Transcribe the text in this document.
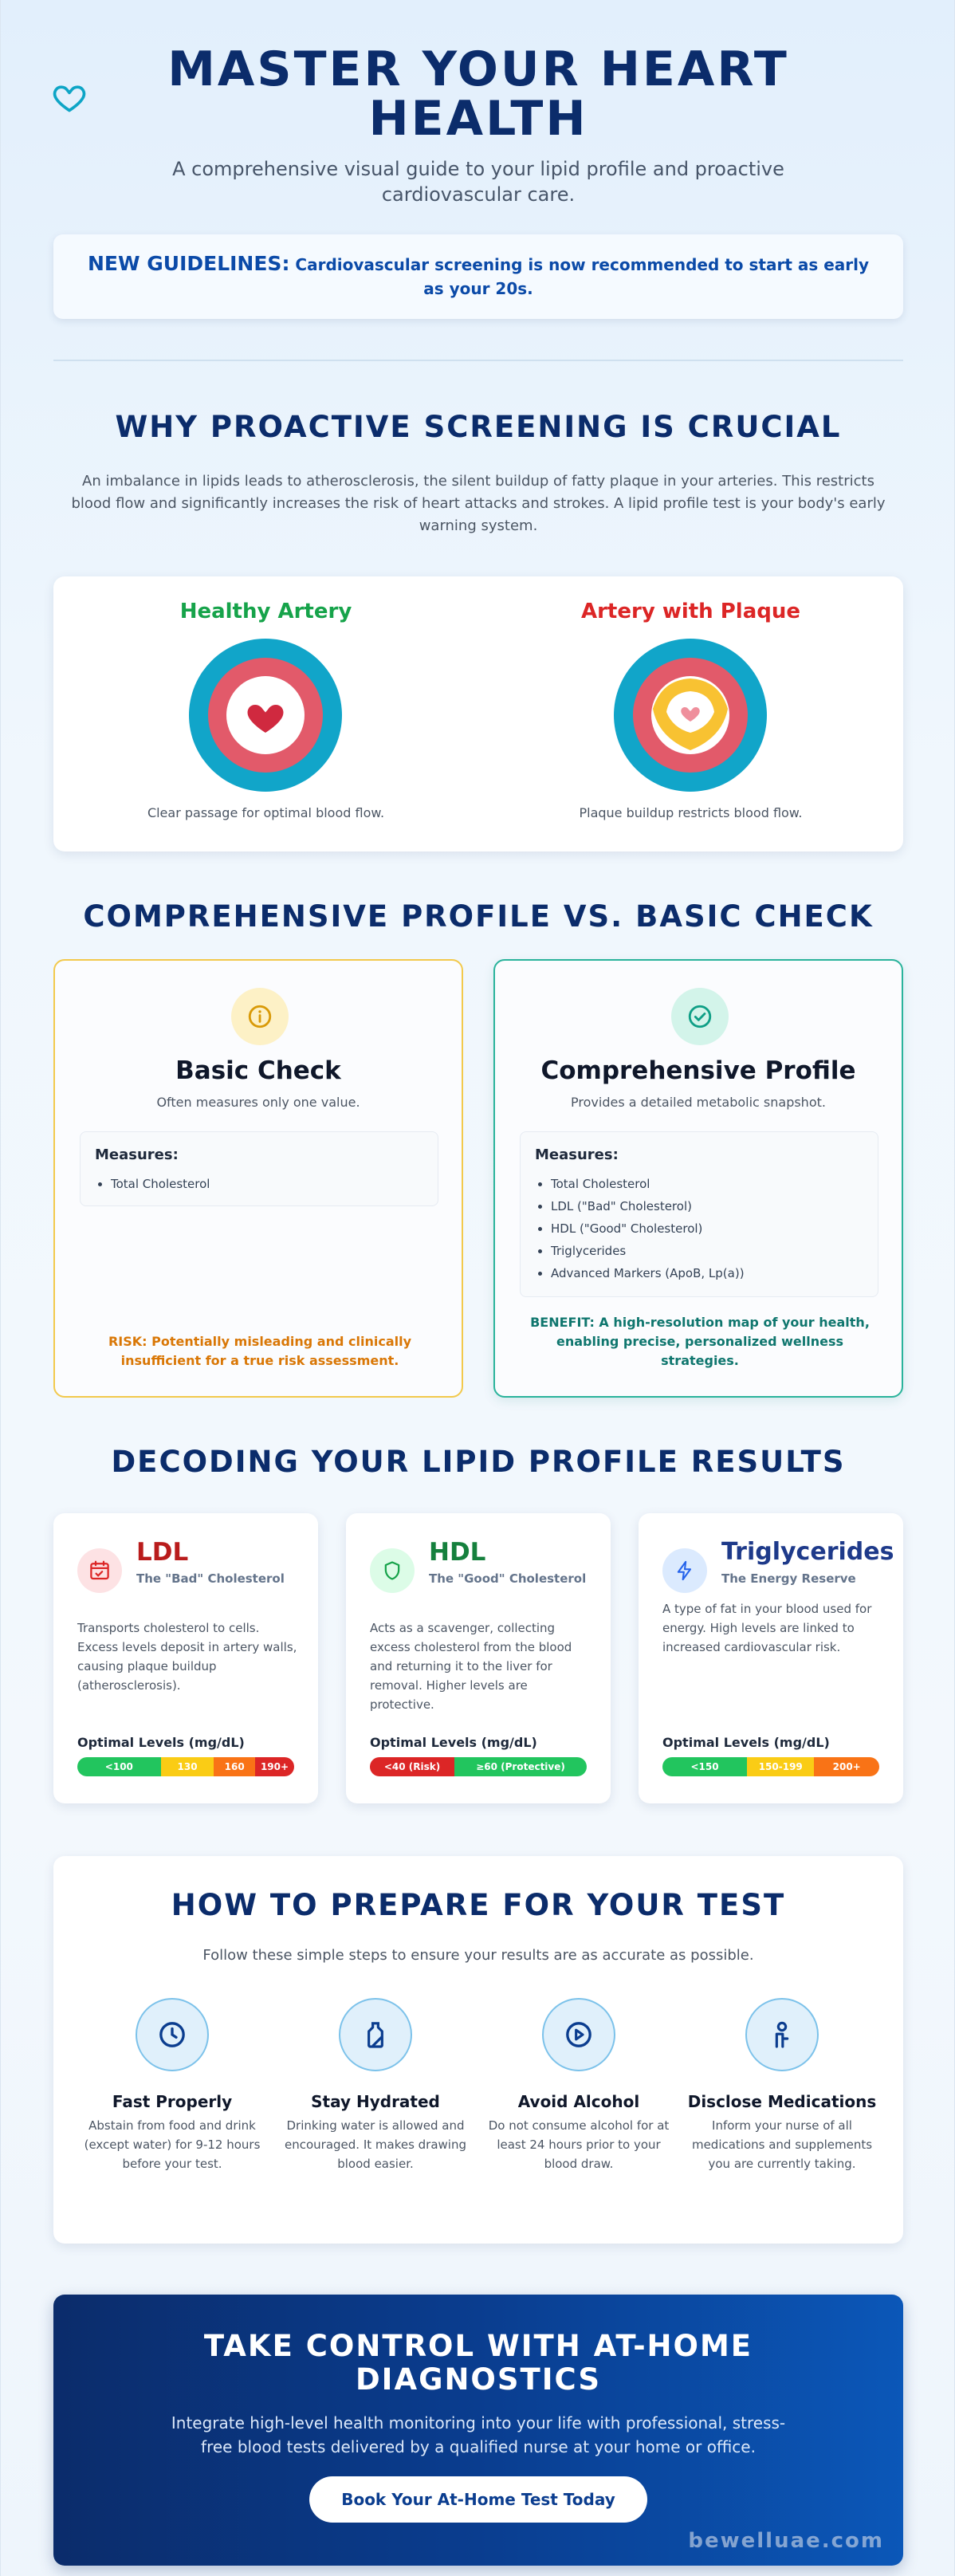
MASTER YOUR HEART HEALTH

A comprehensive visual guide to your lipid profile and proactive cardiovascular care.

NEW GUIDELINES: Cardiovascular screening is now recommended to start as early as your 20s.
WHY PROACTIVE SCREENING IS CRUCIAL

An imbalance in lipids leads to atherosclerosis, the silent buildup of fatty plaque in your arteries. This restricts blood flow and significantly increases the risk of heart attacks and strokes. A lipid profile test is your body's early warning system.

Healthy Artery
Clear passage for optimal blood flow.
Artery with Plaque
Plaque buildup restricts blood flow.
COMPREHENSIVE PROFILE VS. BASIC CHECK
Basic Check
Often measures only one value.
Measures:
Total Cholesterol
RISK: Potentially misleading and clinically insufficient for a true risk assessment.
Comprehensive Profile
Provides a detailed metabolic snapshot.
Measures:
Total Cholesterol
LDL ("Bad" Cholesterol)
HDL ("Good" Cholesterol)
Triglycerides
Advanced Markers (ApoB, Lp(a))
BENEFIT: A high-resolution map of your health, enabling precise, personalized wellness strategies.
DECODING YOUR LIPID PROFILE RESULTS
LDL
The "Bad" Cholesterol
Transports cholesterol to cells. Excess levels deposit in artery walls, causing plaque buildup (atherosclerosis).
Optimal Levels (mg/dL)
<100	130	160	190+
HDL
The "Good" Cholesterol
Acts as a scavenger, collecting excess cholesterol from the blood and returning it to the liver for removal. Higher levels are protective.
Optimal Levels (mg/dL)
<40 (Risk)	≥60 (Protective)
Triglycerides
The Energy Reserve
A type of fat in your blood used for energy. High levels are linked to increased cardiovascular risk.
Optimal Levels (mg/dL)
<150	150-199	200+
HOW TO PREPARE FOR YOUR TEST

Follow these simple steps to ensure your results are as accurate as possible.

Fast Properly
Abstain from food and drink (except water) for 9-12 hours before your test.
Stay Hydrated
Drinking water is allowed and encouraged. It makes drawing blood easier.
Avoid Alcohol
Do not consume alcohol for at least 24 hours prior to your blood draw.
Disclose Medications
Inform your nurse of all medications and supplements you are currently taking.
TAKE CONTROL WITH AT-HOME DIAGNOSTICS

Integrate high-level health monitoring into your life with professional, stress-free blood tests delivered by a qualified nurse at your home or office.

Book Your At-Home Test Today
bewelluae.com
